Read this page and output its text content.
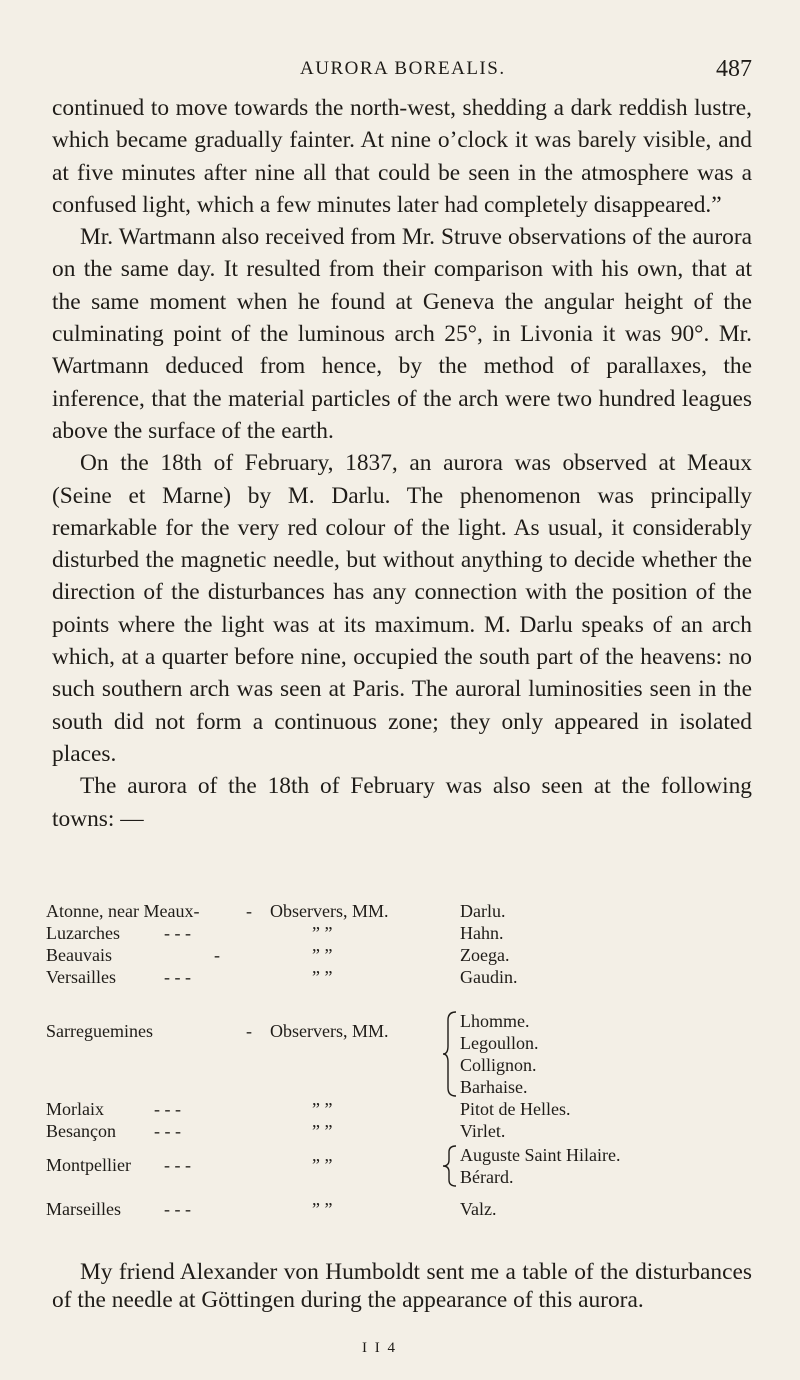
AURORA BOREALIS.	487

continued to move towards the north-west, shedding a dark reddish lustre, which became gradually fainter. At nine o’clock it was barely visible, and at five minutes after nine all that could be seen in the atmosphere was a confused light, which a few minutes later had completely disappeared.”

Mr. Wartmann also received from Mr. Struve observations of the aurora on the same day. It resulted from their comparison with his own, that at the same moment when he found at Geneva the angular height of the culminating point of the luminous arch 25°, in Livonia it was 90°. Mr. Wartmann deduced from hence, by the method of parallaxes, the inference, that the material particles of the arch were two hundred leagues above the surface of the earth.

On the 18th of February, 1837, an aurora was observed at Meaux (Seine et Marne) by M. Darlu. The phenomenon was principally remarkable for the very red colour of the light. As usual, it considerably disturbed the magnetic needle, but without anything to decide whether the direction of the disturbances has any connection with the position of the points where the light was at its maximum. M. Darlu speaks of an arch which, at a quarter before nine, occupied the south part of the heavens: no such southern arch was seen at Paris. The auroral luminosities seen in the south did not form a continuous zone; they only appeared in isolated places.

The aurora of the 18th of February was also seen at the following towns: —

Atonne, near Meaux-	- Observers, MM.	Darlu.
Luzarches - - -	” ”	Hahn.
Beauvais	-	” ”	Zoega.
Versailles	- - -	” ”	Gaudin.
Sarreguemines	- Observers, MM.	Lhomme.
Legoullon.
Collignon.
Barhaise.
Morlaix	- - -	” ”	Pitot de Helles.
Besançon - - -	” ”	Virlet.
Montpellier - - -	” ”	Auguste Saint Hilaire.
Bérard.
Marseilles - - -	” ”	Valz.

My friend Alexander von Humboldt sent me a table of the disturbances of the needle at Göttingen during the appearance of this aurora.

I I 4
